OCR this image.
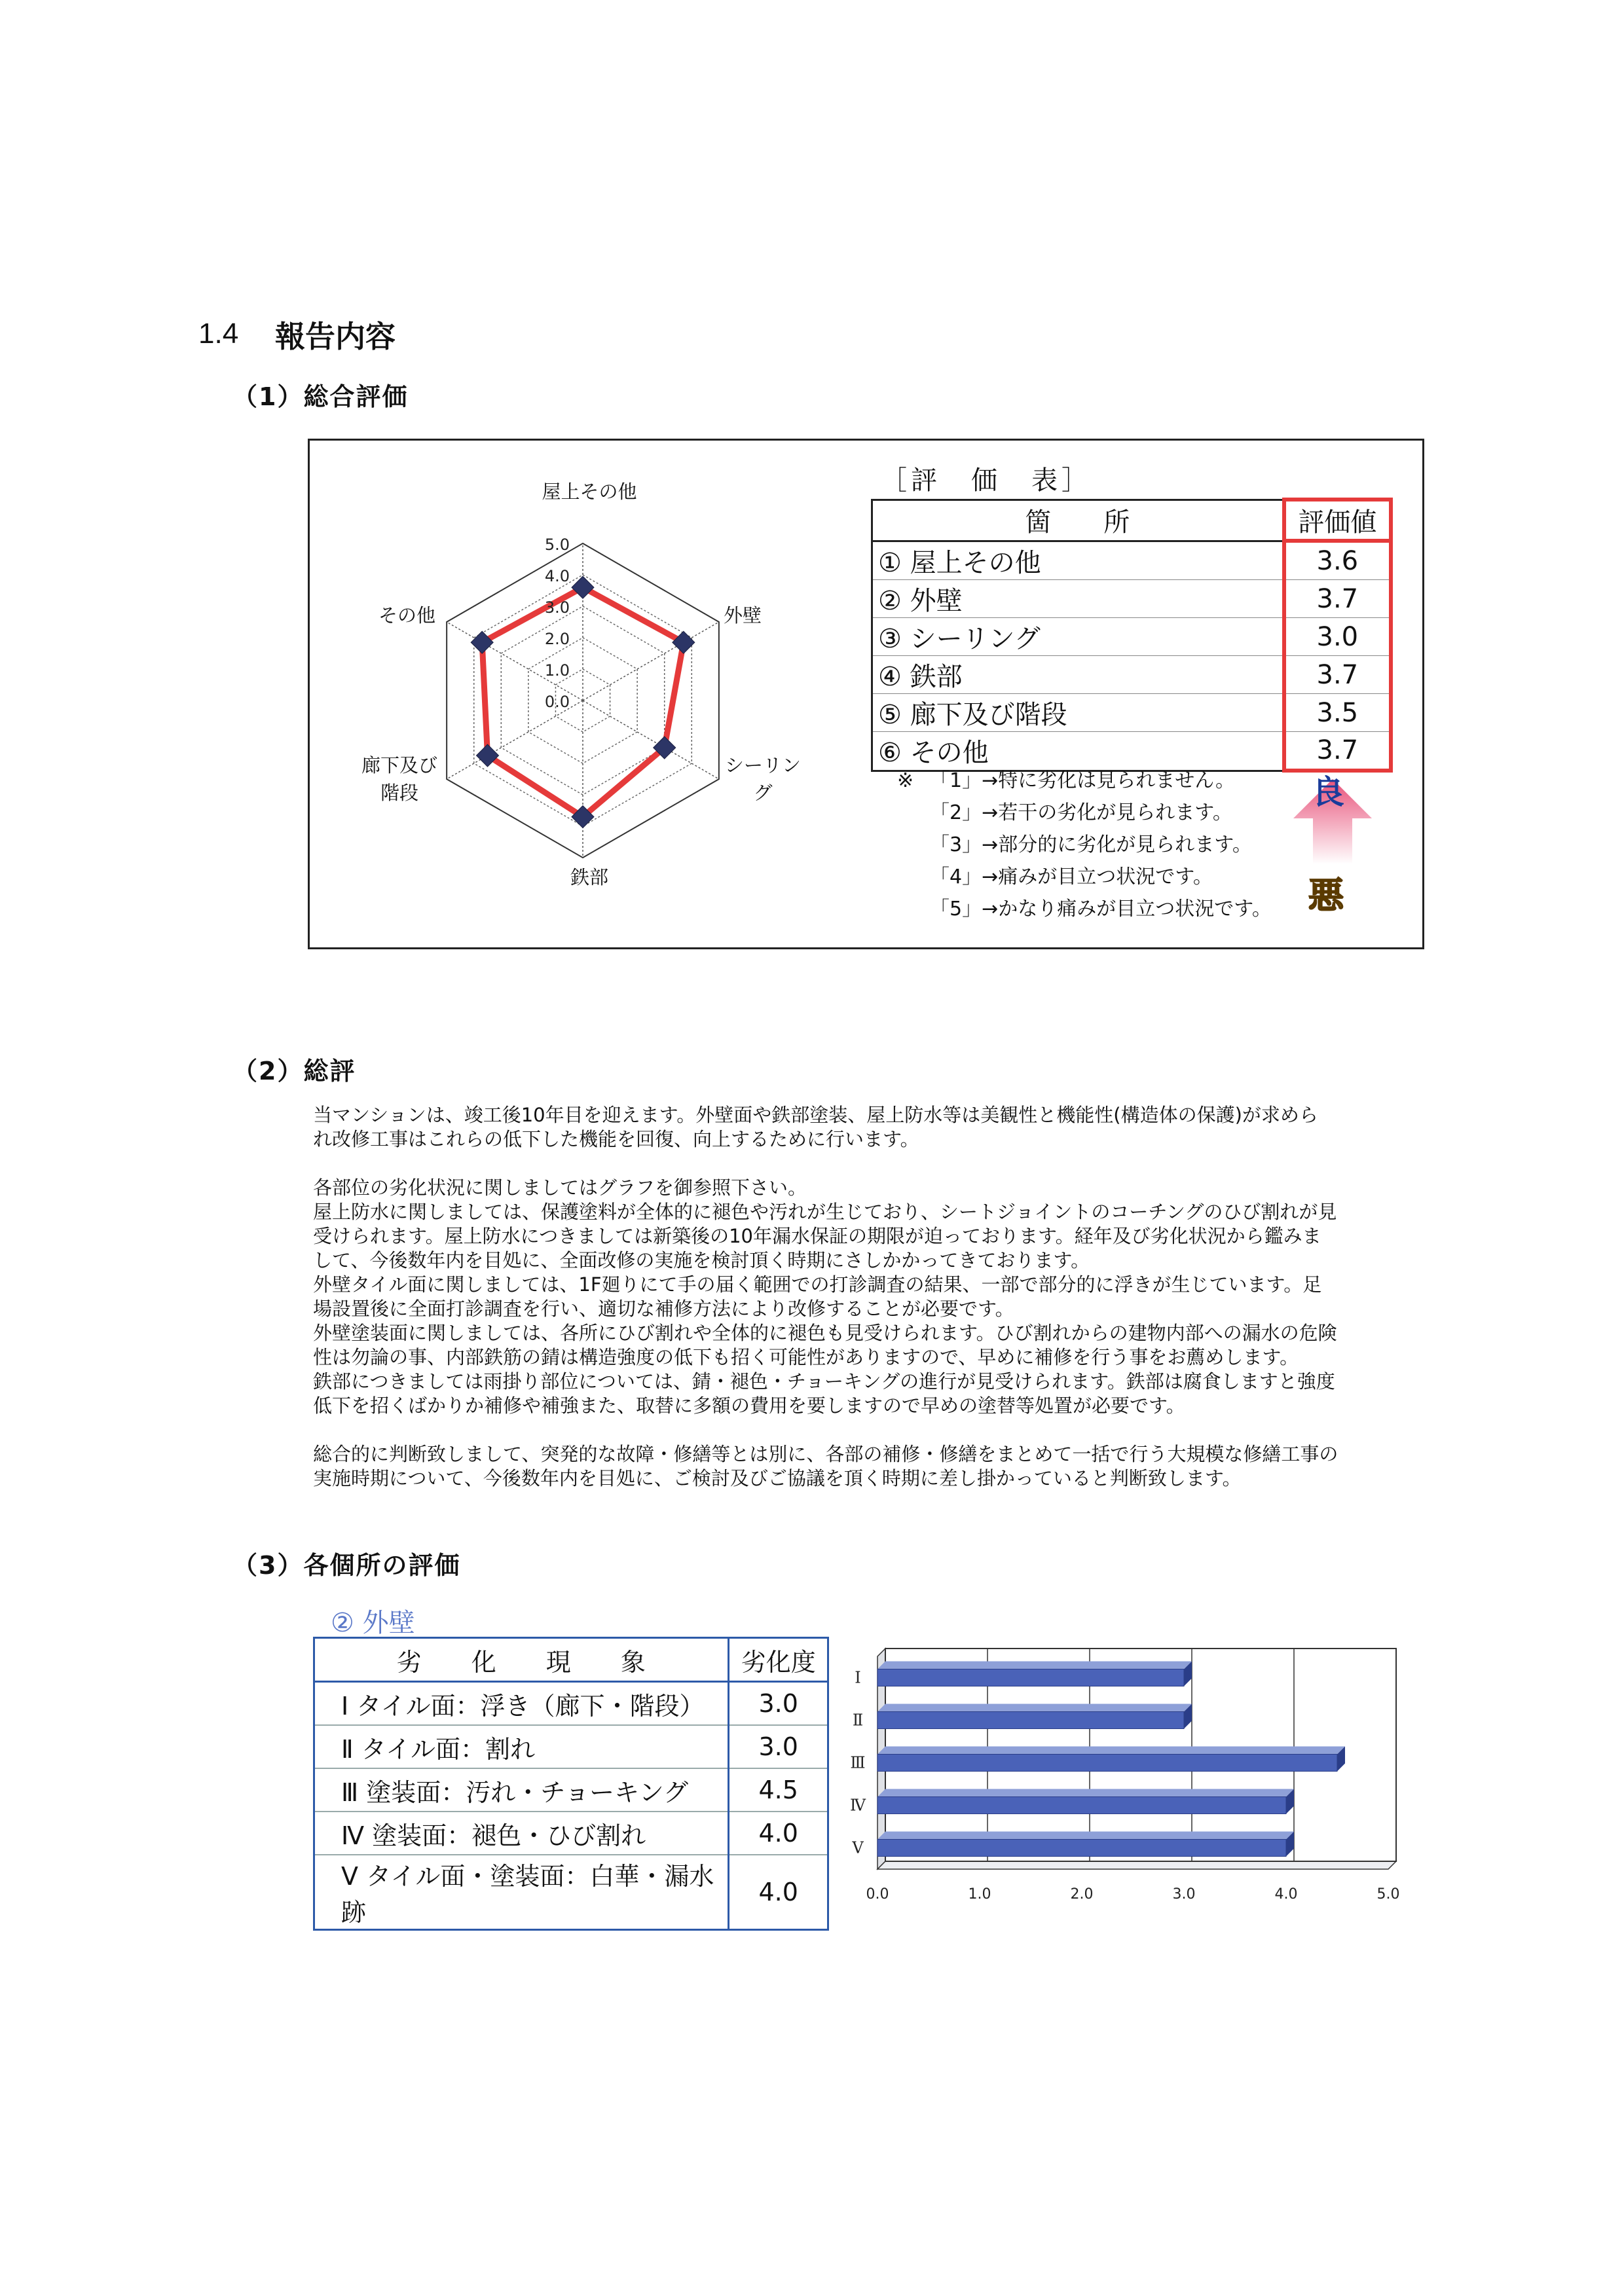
1.4 報告内容
（1）総合評価
5.0
4.0
3.0
2.0
1.0
0.0
屋上その他
外壁
シーリング
鉄部
廊下及び階段
その他
［評　価　表］
箇　　所	評価値
① 屋上その他	3.6
② 外壁	3.7
③ シーリング	3.0
④ 鉄部	3.7
⑤ 廊下及び階段	3.5
⑥ その他	3.7
※ 「1」→特に劣化は見られません。
「2」→若干の劣化が見られます。
「3」→部分的に劣化が見られます。
「4」→痛みが目立つ状況です。
「5」→かなり痛みが目立つ状況です。
良
悪
（2）総評

当マンションは、竣工後10年目を迎えます。外壁面や鉄部塗装、屋上防水等は美観性と機能性(構造体の保護)が求めら

れ改修工事はこれらの低下した機能を回復、向上するために行います。

各部位の劣化状況に関しましてはグラフを御参照下さい。

屋上防水に関しましては、保護塗料が全体的に褪色や汚れが生じており、シートジョイントのコーチングのひび割れが見

受けられます。屋上防水につきましては新築後の10年漏水保証の期限が迫っております。経年及び劣化状況から鑑みま

して、今後数年内を目処に、全面改修の実施を検討頂く時期にさしかかってきております。

外壁タイル面に関しましては、1F廻りにて手の届く範囲での打診調査の結果、一部で部分的に浮きが生じています。足

場設置後に全面打診調査を行い、適切な補修方法により改修することが必要です。

外壁塗装面に関しましては、各所にひび割れや全体的に褪色も見受けられます。ひび割れからの建物内部への漏水の危険

性は勿論の事、内部鉄筋の錆は構造強度の低下も招く可能性がありますので、早めに補修を行う事をお薦めします。

鉄部につきましては雨掛り部位については、錆・褪色・チョーキングの進行が見受けられます。鉄部は腐食しますと強度

低下を招くばかりか補修や補強また、取替に多額の費用を要しますので早めの塗替等処置が必要です。

総合的に判断致しまして、突発的な故障・修繕等とは別に、各部の補修・修繕をまとめて一括で行う大規模な修繕工事の

実施時期について、今後数年内を目処に、ご検討及びご協議を頂く時期に差し掛かっていると判断致します。

（3）各個所の評価
② 外壁
劣　　化　　現　　象	劣化度
Ⅰ タイル面：浮き（廊下・階段）	3.0
Ⅱ タイル面：割れ	3.0
Ⅲ 塗装面：汚れ・チョーキング	4.5
Ⅳ 塗装面：褪色・ひび割れ	4.0
Ⅴ タイル面・塗装面：白華・漏水跡	4.0
Ⅰ
Ⅱ
Ⅲ
Ⅳ
Ⅴ
0.0	1.0	2.0	3.0	4.0	5.0
